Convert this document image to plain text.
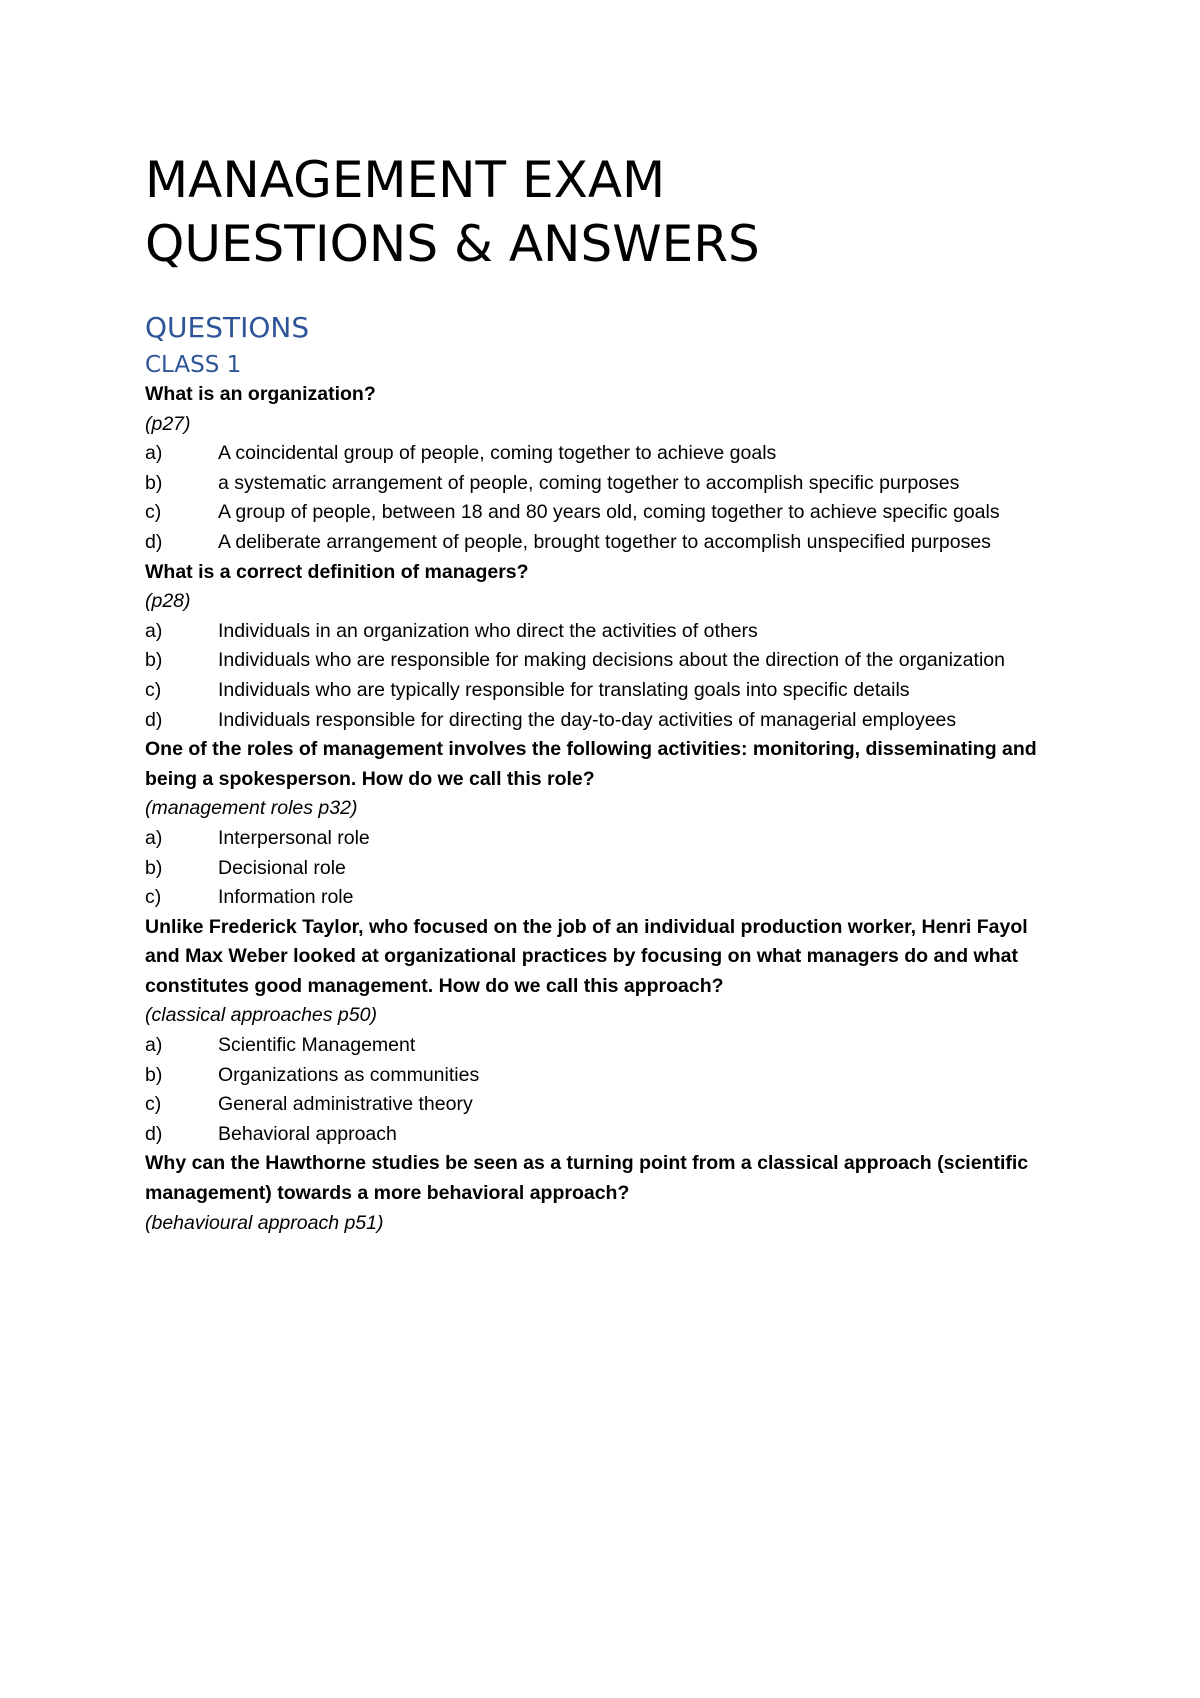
MANAGEMENT EXAM
QUESTIONS & ANSWERS
QUESTIONS
CLASS 1
What is an organization?
(p27)
a)	A coincidental group of people, coming together to achieve goals
b)	a systematic arrangement of people, coming together to accomplish specific purposes
c)	A group of people, between 18 and 80 years old, coming together to achieve specific goals
d)	A deliberate arrangement of people, brought together to accomplish unspecified purposes
What is a correct definition of managers?
(p28)
a)	Individuals in an organization who direct the activities of others
b)	Individuals who are responsible for making decisions about the direction of the organization
c)	Individuals who are typically responsible for translating goals into specific details
d)	Individuals responsible for directing the day-to-day activities of managerial employees
One of the roles of management involves the following activities: monitoring, disseminating and being a spokesperson. How do we call this role?
(management roles p32)
a)	Interpersonal role
b)	Decisional role
c)	Information role
Unlike Frederick Taylor, who focused on the job of an individual production worker, Henri Fayol and Max Weber looked at organizational practices by focusing on what managers do and what constitutes good management. How do we call this approach?
(classical approaches p50)
a)	Scientific Management
b)	Organizations as communities
c)	General administrative theory
d)	Behavioral approach
Why can the Hawthorne studies be seen as a turning point from a classical approach (scientific management) towards a more behavioral approach?
(behavioural approach p51)
